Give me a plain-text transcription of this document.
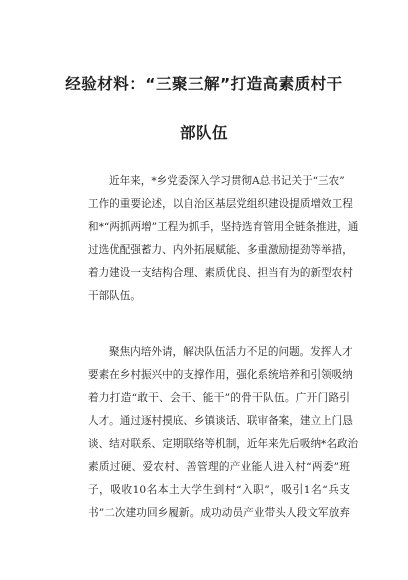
经验材料：“三聚三解”打造高素质村干
部队伍
近年来，*乡党委深入学习贯彻A总书记关于“三农”
工作的重要论述，以自治区基层党组织建设提质增效工程
和*“两抓两增”工程为抓手，坚持选育管用全链条推进，通
过选优配强蓄力、内外拓展赋能、多重激励提劲等举措，
着力建设一支结构合理、素质优良、担当有为的新型农村
干部队伍。
聚焦内培外请，解决队伍活力不足的问题。发挥人才
要素在乡村振兴中的支撑作用，强化系统培养和引领吸纳
着力打造“敢干、会干、能干”的骨干队伍。广开门路引
人才。通过逐村摸底、乡镇谈话、联审备案，建立上门恳
谈、结对联系、定期联络等机制，近年来先后吸纳*名政治
素质过硬、爱农村、善管理的产业能人进入村“两委”班
子，吸收10名本土大学生到村“入职”，吸引1名“兵支
书”二次建功回乡履新。成功动员产业带头人段文军放弃
